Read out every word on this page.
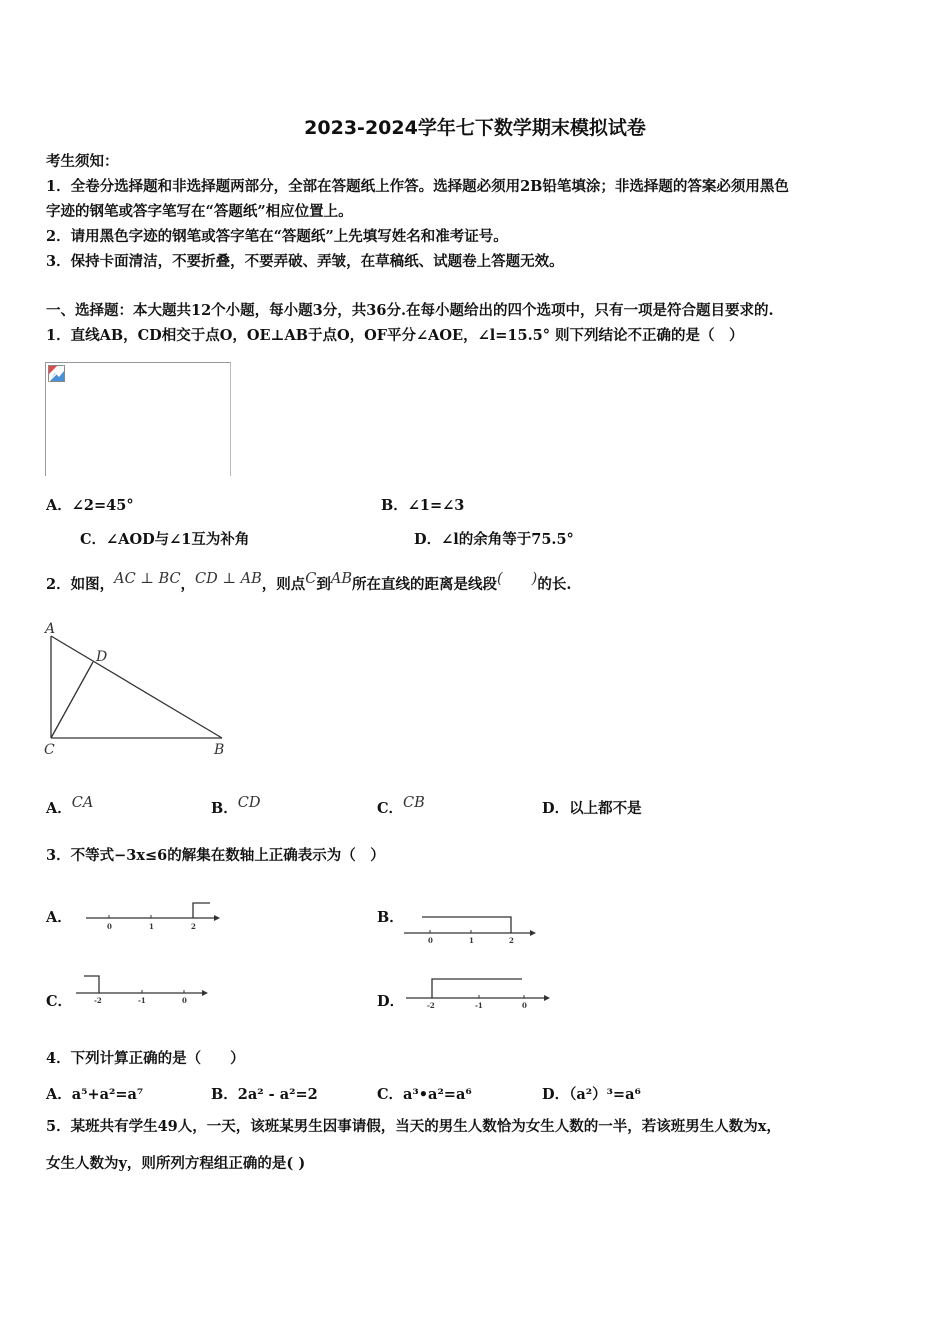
2023-2024学年七下数学期末模拟试卷
考生须知：
1．全卷分选择题和非选择题两部分，全部在答题纸上作答。选择题必须用2B铅笔填涂；非选择题的答案必须用黑色
字迹的钢笔或答字笔写在“答题纸”相应位置上。
2．请用黑色字迹的钢笔或答字笔在“答题纸”上先填写姓名和准考证号。
3．保持卡面清洁，不要折叠，不要弄破、弄皱，在草稿纸、试题卷上答题无效。
一、选择题：本大题共12个小题，每小题3分，共36分.在每小题给出的四个选项中，只有一项是符合题目要求的.
1．直线AB，CD相交于点O，OE⊥AB于点O，OF平分∠AOE，∠l=15.5° 则下列结论不正确的是（　）
A．∠2=45°	B．∠1=∠3
C．∠AOD与∠1互为补角	D．∠l的余角等于75.5°
2．如图，AC ⊥ BC，CD ⊥ AB，则点C到AB所在直线的距离是线段(　　)的长.
A
D
C	B
A．CA	B．CD	C．CB	D．以上都不是
3．不等式−3x≤6的解集在数轴上正确表示为（　）
A．
0	1	2
B．
0	1	2
C．	-2	-1	0	D．	-2	-1	0
4．下列计算正确的是（　　）
A．a⁵+a²=a⁷	B．2a² - a²=2	C．a³•a²=a⁶	D．（a²）³=a⁶
5．某班共有学生49人，一天，该班某男生因事请假，当天的男生人数恰为女生人数的一半，若该班男生人数为x，
女生人数为y，则所列方程组正确的是( )
